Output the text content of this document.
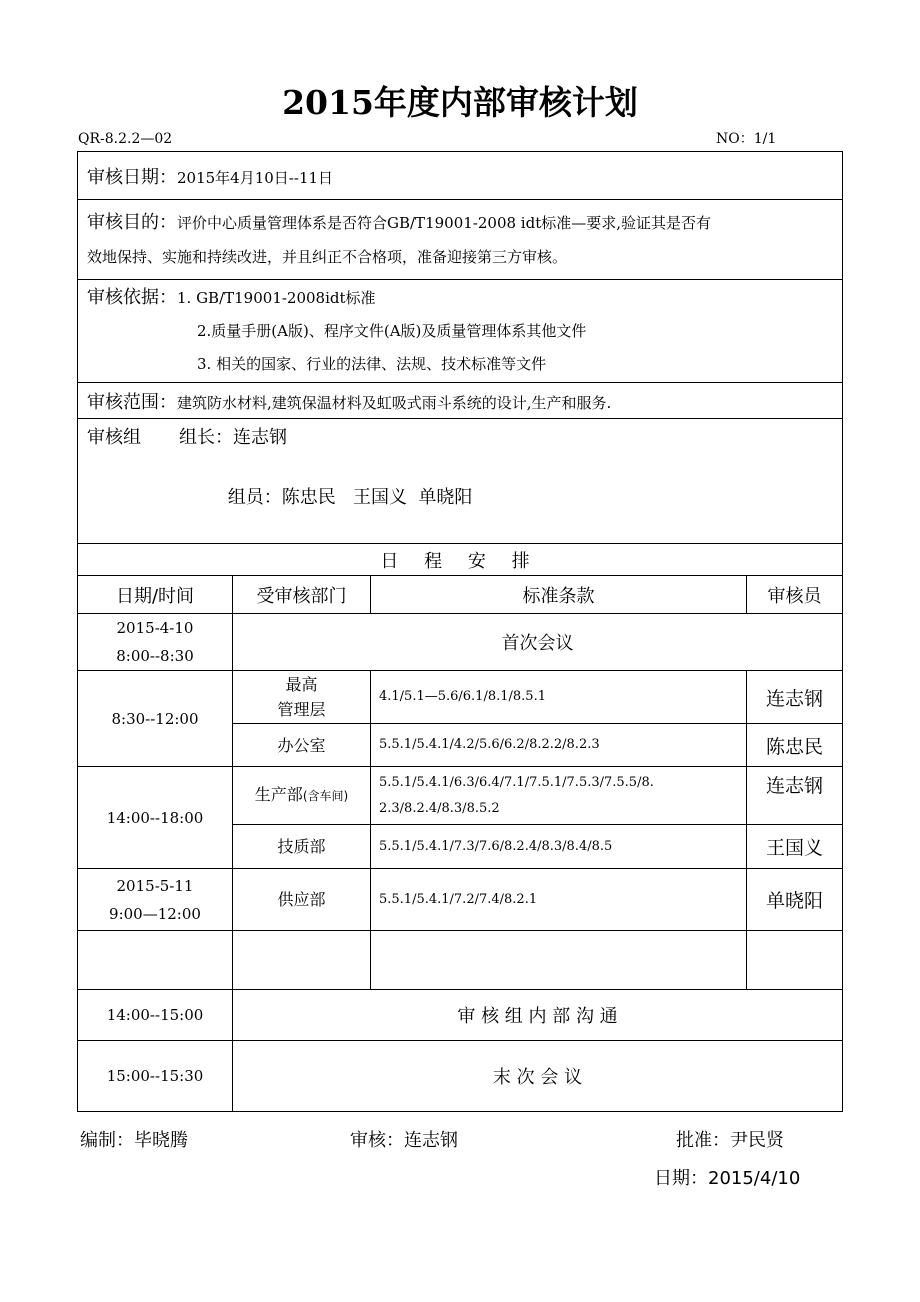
2015年度内部审核计划
QR-8.2.2—02	NO：1/1
审核日期：2015年4月10日--11日			

审核目的：评价中心质量管理体系是否符合GB/T19001-2008 idt标准—要求,验证其是否有
效地保持、实施和持续改进，并且纠正不合格项，准备迎接第三方审核。			

审核依据：1. GB/T19001-2008idt标准
2.质量手册(A版)、程序文件(A版)及质量管理体系其他文件
3. 相关的国家、行业的法律、法规、技术标准等文件			

审核范围：建筑防水材料,建筑保温材料及虹吸式雨斗系统的设计,生产和服务.			

审核组 组长：连志钢

组员：陈忠民   王国义  单晓阳			

日 程 安 排			
日期/时间	受审核部门	标准条款	审核员

2015-4-10
8:00--8:30	首次会议		
8:30--12:00	最高
管理层	4.1/5.1—5.6/6.1/8.1/8.5.1	连志钢
	办公室	5.5.1/5.4.1/4.2/5.6/6.2/8.2.2/8.2.3	陈忠民
14:00--18:00	生产部(含车间)	5.5.1/5.4.1/6.3/6.4/7.1/7.5.1/7.5.3/7.5.5/8.
2.3/8.2.4/8.3/8.5.2	连志钢
	技质部	5.5.1/5.4.1/7.3/7.6/8.2.4/8.3/8.4/8.5	王国义

2015-5-11
9:00—12:00	供应部	5.5.1/5.4.1/7.2/7.4/8.2.1	单晓阳

14:00--15:00	审 核 组 内 部 沟 通		
15:00--15:30	末 次 会 议		
编制：毕晓腾	审核：连志钢	批准：尹民贤
日期：2015/4/10
